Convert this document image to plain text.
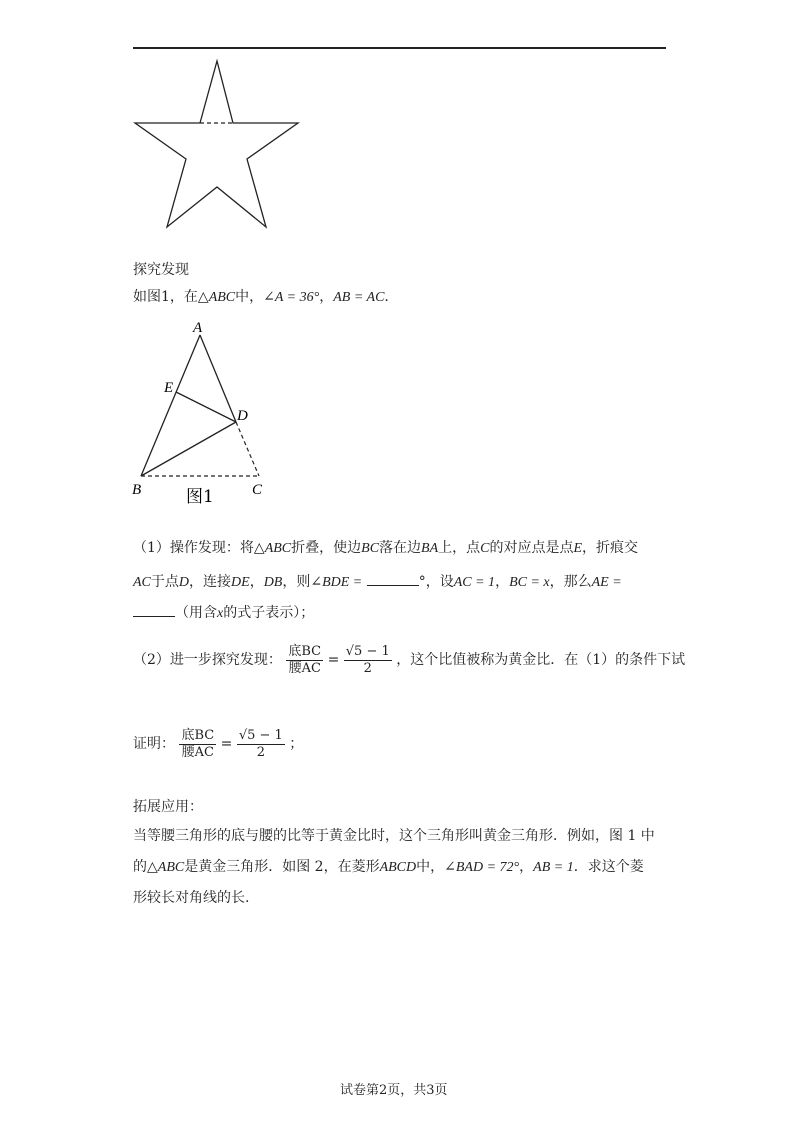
探究发现
如图1，在△ABC中，∠A = 36°，AB = AC.
A
E
D
B	C
图1
（1）操作发现：将△ABC折叠，使边BC落在边BA上，点C的对应点是点E，折痕交
AC于点D，连接DE，DB，则∠BDE =	°，设AC = 1，BC = x，那么AE =
（用含x的式子表示）；
（2）进一步探究发现： $\frac{\text{底BC}}{\text{腰AC}} = \frac{√5 - 1}{2}$ ，这个比值被称为黄金比．在（1）的条件下试
证明： $\frac{\text{底BC}}{\text{腰AC}} = \frac{√5 - 1}{2}$ ；
拓展应用：
当等腰三角形的底与腰的比等于黄金比时，这个三角形叫黄金三角形．例如，图 1 中
的△ABC是黄金三角形．如图 2，在菱形ABCD中，∠BAD = 72°，AB = 1．求这个菱
形较长对角线的长.
试卷第2页，共3页
